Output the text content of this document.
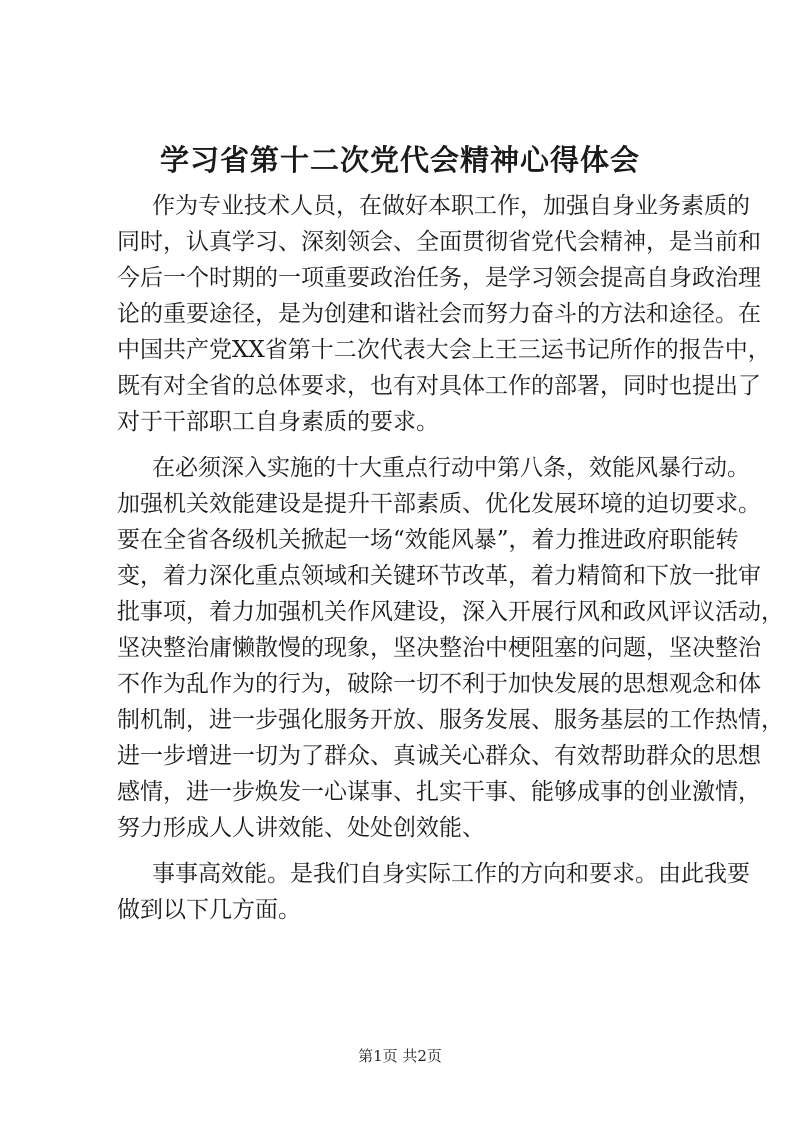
学习省第十二次党代会精神心得体会
作为专业技术人员，在做好本职工作，加强自身业务素质的
同时，认真学习、深刻领会、全面贯彻省党代会精神，是当前和
今后一个时期的一项重要政治任务，是学习领会提高自身政治理
论的重要途径，是为创建和谐社会而努力奋斗的方法和途径。在
中国共产党XX省第十二次代表大会上王三运书记所作的报告中，
既有对全省的总体要求，也有对具体工作的部署，同时也提出了
对于干部职工自身素质的要求。
在必须深入实施的十大重点行动中第八条，效能风暴行动。
加强机关效能建设是提升干部素质、优化发展环境的迫切要求。
要在全省各级机关掀起一场“效能风暴”，着力推进政府职能转
变，着力深化重点领域和关键环节改革，着力精简和下放一批审
批事项，着力加强机关作风建设，深入开展行风和政风评议活动，
坚决整治庸懒散慢的现象，坚决整治中梗阻塞的问题，坚决整治
不作为乱作为的行为，破除一切不利于加快发展的思想观念和体
制机制，进一步强化服务开放、服务发展、服务基层的工作热情，
进一步增进一切为了群众、真诚关心群众、有效帮助群众的思想
感情，进一步焕发一心谋事、扎实干事、能够成事的创业激情，
努力形成人人讲效能、处处创效能、
事事高效能。是我们自身实际工作的方向和要求。由此我要
做到以下几方面。
第1页 共2页
